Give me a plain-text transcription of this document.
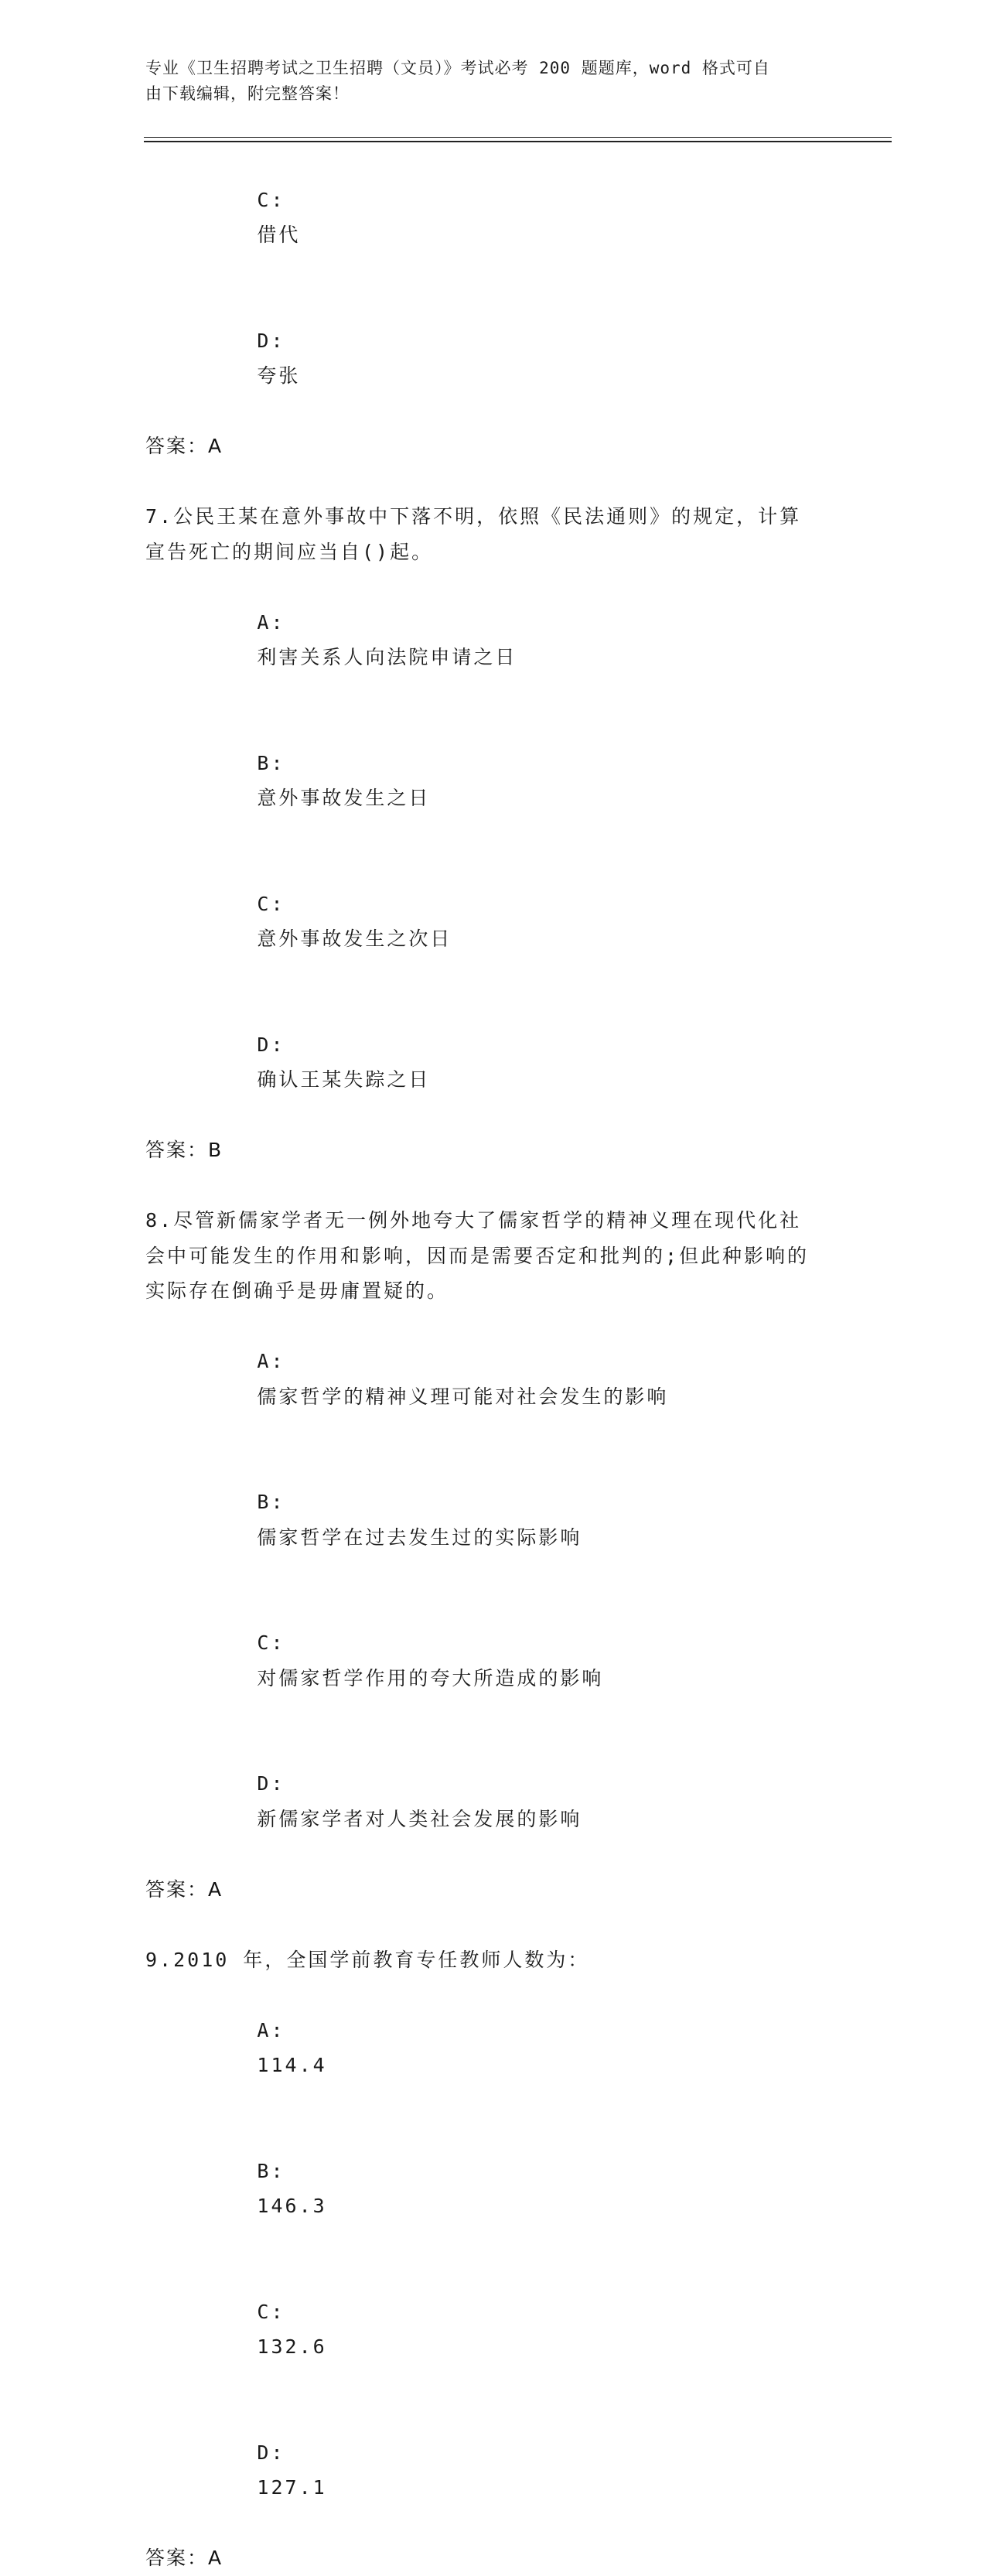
专业《卫生招聘考试之卫生招聘（文员）》考试必考 200 题题库，word 格式可自
由下载编辑，附完整答案！

C:
借代

D:
夸张

答案：A
7.公民王某在意外事故中下落不明，依照《民法通则》的规定，计算
宣告死亡的期间应当自()起。

A:
利害关系人向法院申请之日

B:
意外事故发生之日

C:
意外事故发生之次日

D:
确认王某失踪之日

答案：B
8.尽管新儒家学者无一例外地夸大了儒家哲学的精神义理在现代化社
会中可能发生的作用和影响，因而是需要否定和批判的;但此种影响的
实际存在倒确乎是毋庸置疑的。

A:
儒家哲学的精神义理可能对社会发生的影响

B:
儒家哲学在过去发生过的实际影响

C:
对儒家哲学作用的夸大所造成的影响

D:
新儒家学者对人类社会发展的影响

答案：A
9.2010 年，全国学前教育专任教师人数为：

A:
114.4

B:
146.3

C:
132.6

D:
127.1

答案：A
